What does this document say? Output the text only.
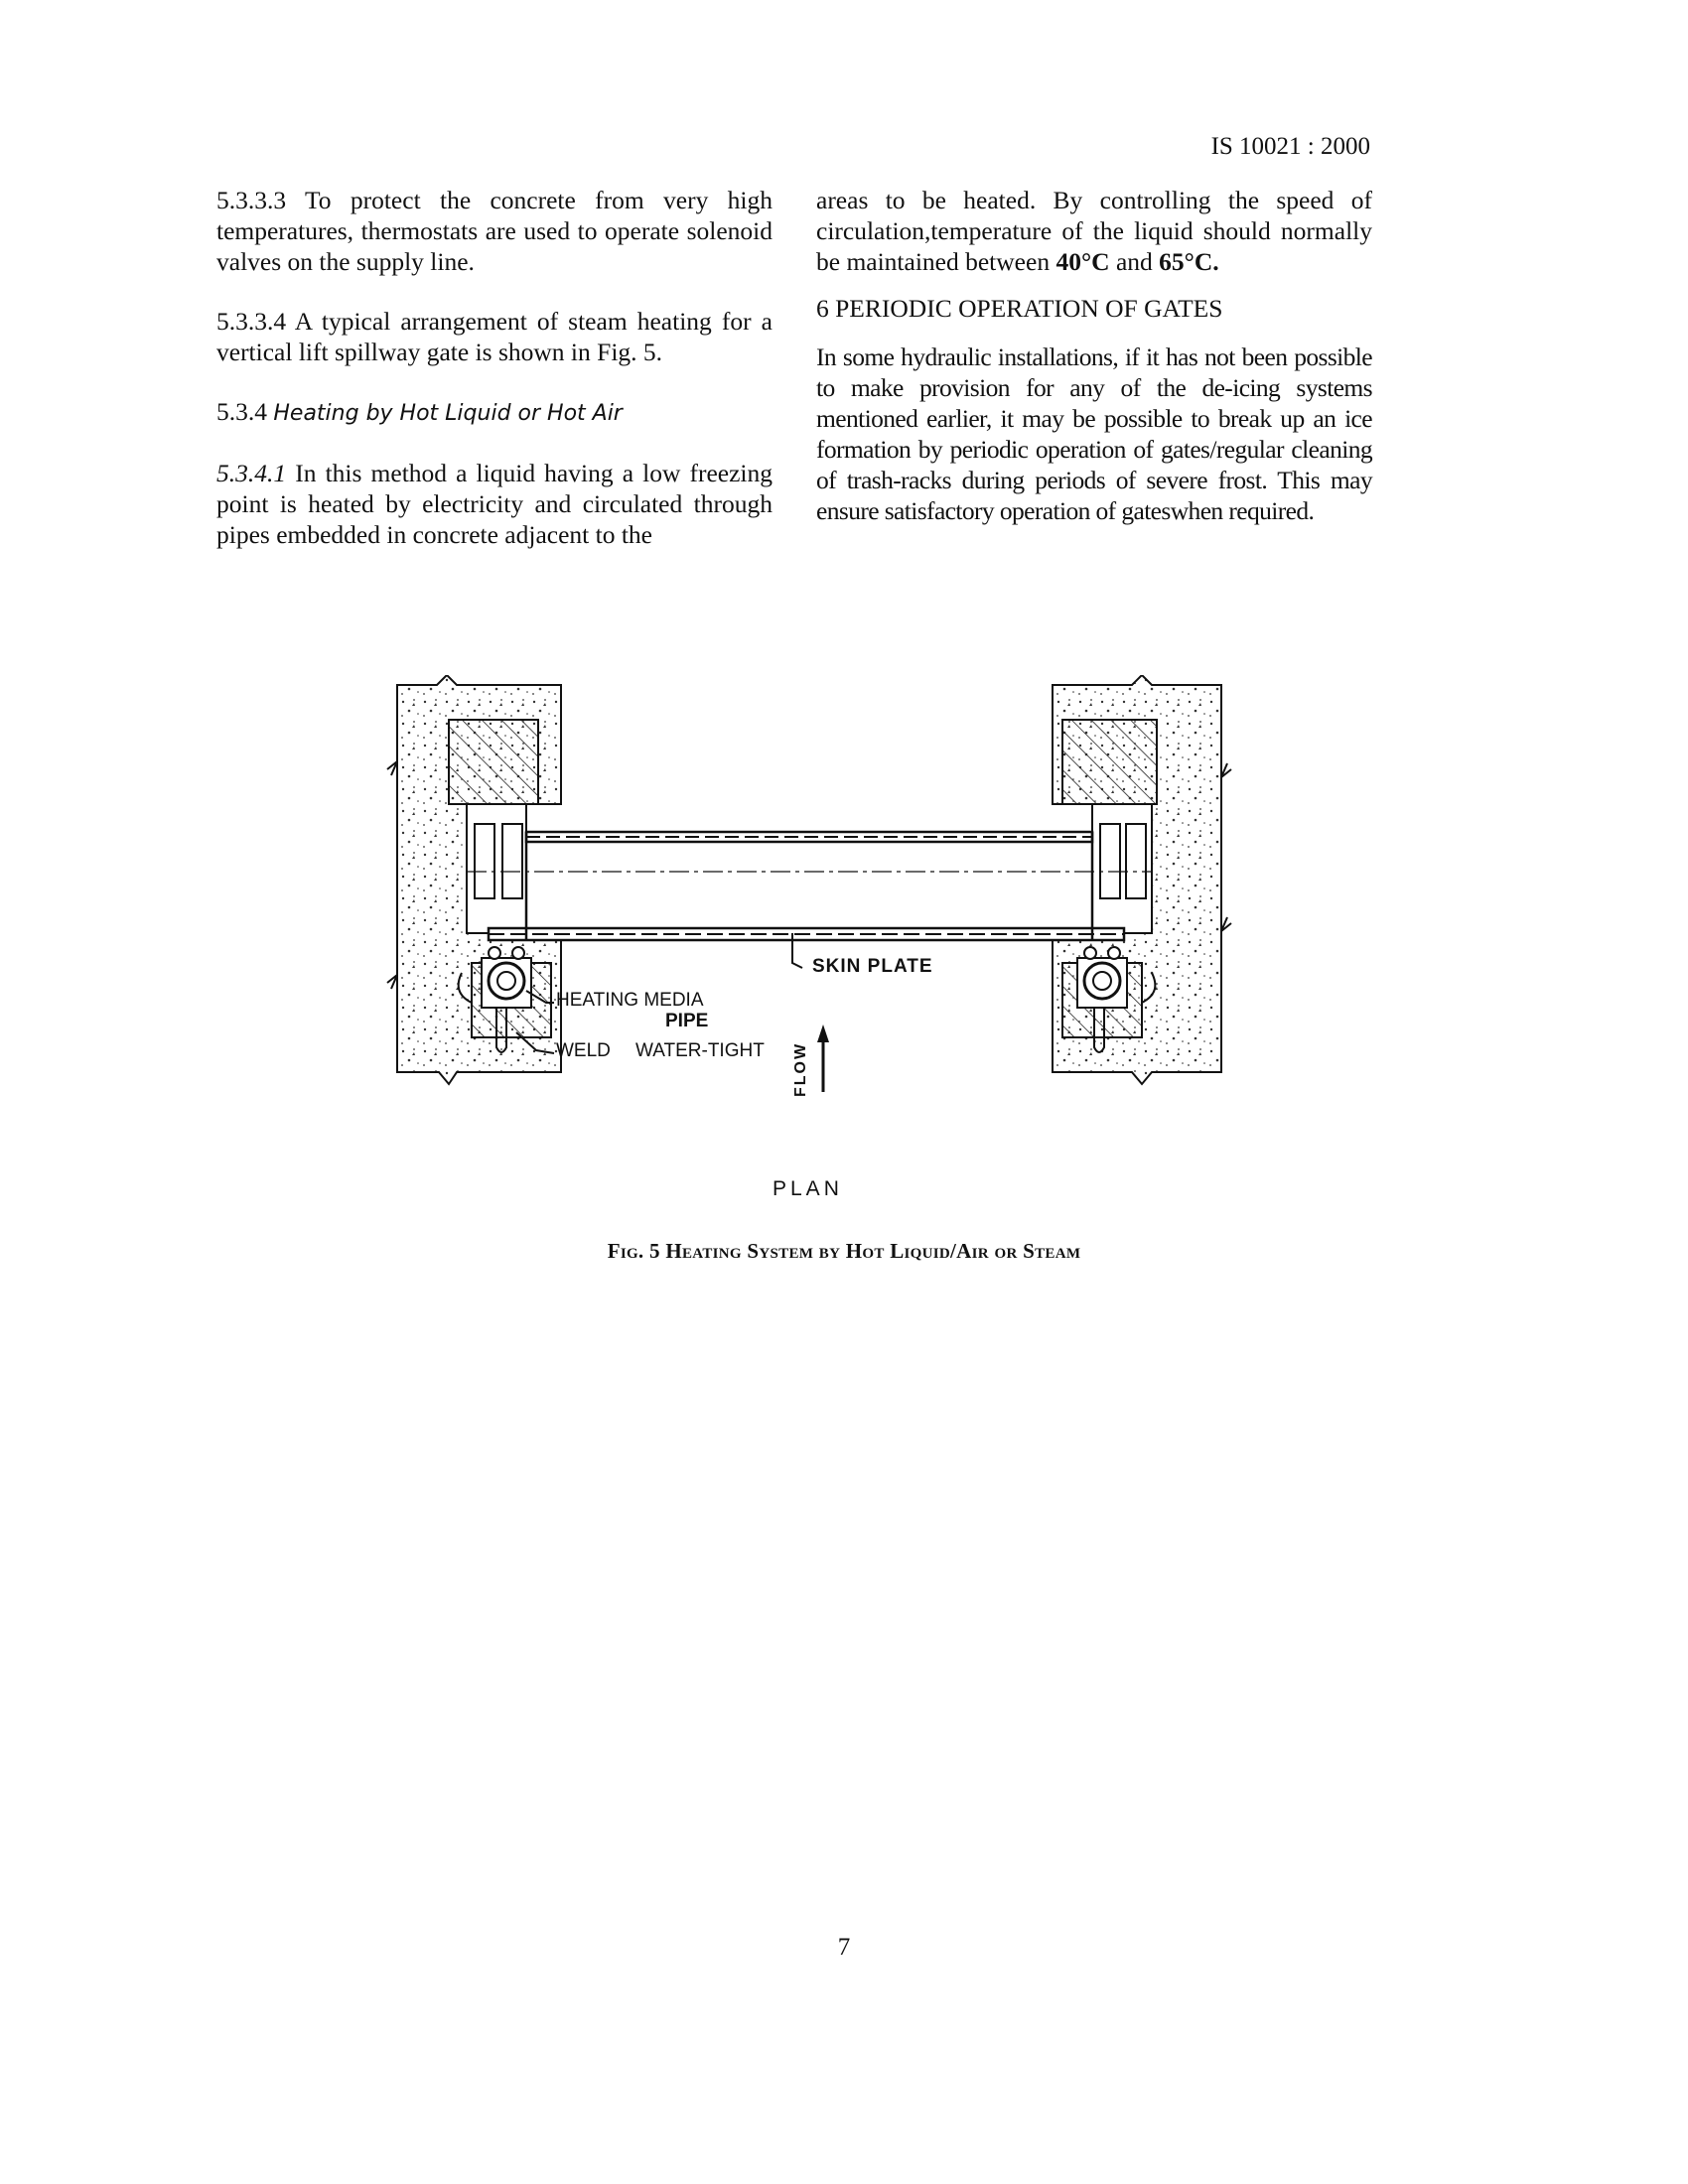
IS 10021 : 2000

5.3.3.3 To protect the concrete from very high temperatures, thermostats are used to operate solenoid valves on the supply line.

5.3.3.4 A typical arrangement of steam heating for a vertical lift spillway gate is shown in Fig. 5.

5.3.4 Heating by Hot Liquid or Hot Air

5.3.4.1 In this method a liquid having a low freezing point is heated by electricity and circulated through pipes embedded in concrete adjacent to the

areas to be heated. By controlling the speed of circulation,temperature of the liquid should normally be maintained between 40°C and 65°C.

6 PERIODIC OPERATION OF GATES

In some hydraulic installations, if it has not been possible to make provision for any of the de-icing systems mentioned earlier, it may be possible to break up an ice formation by periodic operation of gates/regular cleaning of trash-racks during periods of severe frost. This may ensure satisfactory operation of gateswhen required.

SKIN PLATE
HEATING MEDIA
PIPE
WELD WATER-TIGHT FLOW
PLAN
Fig. 5 Heating System by Hot Liquid/Air or Steam
7
